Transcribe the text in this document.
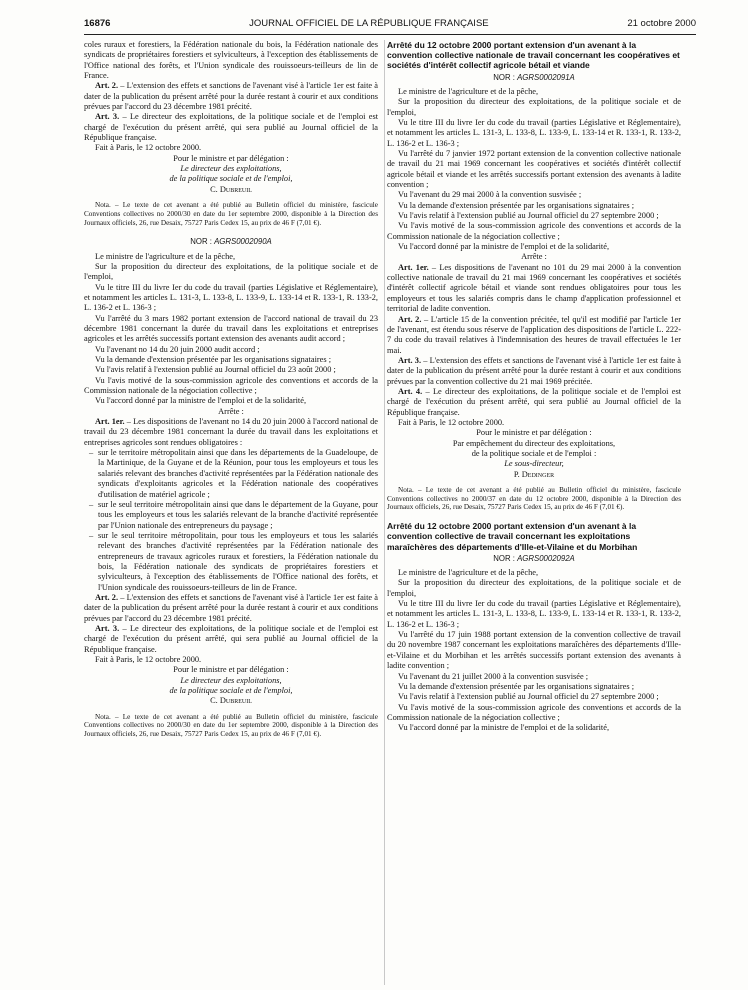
16876	JOURNAL OFFICIEL DE LA RÉPUBLIQUE FRANÇAISE	21 octobre 2000

coles ruraux et forestiers, la Fédération nationale du bois, la Fédération nationale des syndicats de propriétaires forestiers et sylviculteurs, à l'exception des établissements de l'Office national des forêts, et l'Union syndicale des rouissoeurs-teilleurs de lin de France.

Art. 2. – L'extension des effets et sanctions de l'avenant visé à l'article 1er est faite à dater de la publication du présent arrêté pour la durée restant à courir et aux conditions prévues par l'accord du 23 décembre 1981 précité.

Art. 3. – Le directeur des exploitations, de la politique sociale et de l'emploi est chargé de l'exécution du présent arrêté, qui sera publié au Journal officiel de la République française.

Fait à Paris, le 12 octobre 2000.

Pour le ministre et par délégation :
Le directeur des exploitations,
de la politique sociale et de l'emploi,
C. Dubreuil

Nota. – Le texte de cet avenant a été publié au Bulletin officiel du ministère, fascicule Conventions collectives no 2000/30 en date du 1er septembre 2000, disponible à la Direction des Journaux officiels, 26, rue Desaix, 75727 Paris Cedex 15, au prix de 46 F (7,01 €).

NOR : AGRS0002090A

Le ministre de l'agriculture et de la pêche,

Sur la proposition du directeur des exploitations, de la politique sociale et de l'emploi,

Vu le titre III du livre Ier du code du travail (parties Législative et Réglementaire), et notamment les articles L. 131-3, L. 133-8, L. 133-9, L. 133-14 et R. 133-1, R. 133-2, L. 136-2 et L. 136-3 ;

Vu l'arrêté du 3 mars 1982 portant extension de l'accord national de travail du 23 décembre 1981 concernant la durée du travail dans les exploitations et entreprises agricoles et les arrêtés successifs portant extension des avenants audit accord ;

Vu l'avenant no 14 du 20 juin 2000 audit accord ;

Vu la demande d'extension présentée par les organisations signataires ;

Vu l'avis relatif à l'extension publié au Journal officiel du 23 août 2000 ;

Vu l'avis motivé de la sous-commission agricole des conventions et accords de la Commission nationale de la négociation collective ;

Vu l'accord donné par la ministre de l'emploi et de la solidarité,

Arrête :

Art. 1er. – Les dispositions de l'avenant no 14 du 20 juin 2000 à l'accord national de travail du 23 décembre 1981 concernant la durée du travail dans les exploitations et entreprises agricoles sont rendues obligatoires :

– sur le territoire métropolitain ainsi que dans les départements de la Guadeloupe, de la Martinique, de la Guyane et de la Réunion, pour tous les employeurs et tous les salariés relevant des branches d'activité représentées par la Fédération nationale des syndicats d'exploitants agricoles et la Fédération nationale des coopératives d'utilisation de matériel agricole ;
– sur le seul territoire métropolitain ainsi que dans le département de la Guyane, pour tous les employeurs et tous les salariés relevant de la branche d'activité représentée par l'Union nationale des entrepreneurs du paysage ;
– sur le seul territoire métropolitain, pour tous les employeurs et tous les salariés relevant des branches d'activité représentées par la Fédération nationale des entrepreneurs de travaux agricoles ruraux et forestiers, la Fédération nationale du bois, la Fédération nationale des syndicats de propriétaires forestiers et sylviculteurs, à l'exception des établissements de l'Office national des forêts, et l'Union syndicale des rouissoeurs-teilleurs de lin de France.

Art. 2. – L'extension des effets et sanctions de l'avenant visé à l'article 1er est faite à dater de la publication du présent arrêté pour la durée restant à courir et aux conditions prévues par l'accord du 23 décembre 1981 précité.

Art. 3. – Le directeur des exploitations, de la politique sociale et de l'emploi est chargé de l'exécution du présent arrêté, qui sera publié au Journal officiel de la République française.

Fait à Paris, le 12 octobre 2000.

Pour le ministre et par délégation :
Le directeur des exploitations,
de la politique sociale et de l'emploi,
C. Dubreuil

Nota. – Le texte de cet avenant a été publié au Bulletin officiel du ministère, fascicule Conventions collectives no 2000/30 en date du 1er septembre 2000, disponible à la Direction des Journaux officiels, 26, rue Desaix, 75727 Paris Cedex 15, au prix de 46 F (7,01 €).

Arrêté du 12 octobre 2000 portant extension d'un avenant à la convention collective nationale de travail concernant les coopératives et sociétés d'intérêt collectif agricole bétail et viande
NOR : AGRS0002091A

Le ministre de l'agriculture et de la pêche,

Sur la proposition du directeur des exploitations, de la politique sociale et de l'emploi,

Vu le titre III du livre Ier du code du travail (parties Législative et Réglementaire), et notamment les articles L. 131-3, L. 133-8, L. 133-9, L. 133-14 et R. 133-1, R. 133-2, L. 136-2 et L. 136-3 ;

Vu l'arrêté du 7 janvier 1972 portant extension de la convention collective nationale de travail du 21 mai 1969 concernant les coopératives et sociétés d'intérêt collectif agricole bétail et viande et les arrêtés successifs portant extension des avenants à ladite convention ;

Vu l'avenant du 29 mai 2000 à la convention susvisée ;

Vu la demande d'extension présentée par les organisations signataires ;

Vu l'avis relatif à l'extension publié au Journal officiel du 27 septembre 2000 ;

Vu l'avis motivé de la sous-commission agricole des conventions et accords de la Commission nationale de la négociation collective ;

Vu l'accord donné par la ministre de l'emploi et de la solidarité,

Arrête :

Art. 1er. – Les dispositions de l'avenant no 101 du 29 mai 2000 à la convention collective nationale de travail du 21 mai 1969 concernant les coopératives et sociétés d'intérêt collectif agricole bétail et viande sont rendues obligatoires pour tous les employeurs et tous les salariés compris dans le champ d'application professionnel et territorial de ladite convention.

Art. 2. – L'article 15 de la convention précitée, tel qu'il est modifié par l'article 1er de l'avenant, est étendu sous réserve de l'application des dispositions de l'article L. 222-7 du code du travail relatives à l'indemnisation des heures de travail effectuées le 1er mai.

Art. 3. – L'extension des effets et sanctions de l'avenant visé à l'article 1er est faite à dater de la publication du présent arrêté pour la durée restant à courir et aux conditions prévues par la convention collective du 21 mai 1969 précitée.

Art. 4. – Le directeur des exploitations, de la politique sociale et de l'emploi est chargé de l'exécution du présent arrêté, qui sera publié au Journal officiel de la République française.

Fait à Paris, le 12 octobre 2000.

Pour le ministre et par délégation :
Par empêchement du directeur des exploitations,
de la politique sociale et de l'emploi :
Le sous-directeur,
P. Dedinger

Nota. – Le texte de cet avenant a été publié au Bulletin officiel du ministère, fascicule Conventions collectives no 2000/37 en date du 12 octobre 2000, disponible à la Direction des Journaux officiels, 26, rue Desaix, 75727 Paris Cedex 15, au prix de 46 F (7,01 €).

Arrêté du 12 octobre 2000 portant extension d'un avenant à la convention collective de travail concernant les exploitations maraîchères des départements d'Ille-et-Vilaine et du Morbihan
NOR : AGRS0002092A

Le ministre de l'agriculture et de la pêche,

Sur la proposition du directeur des exploitations, de la politique sociale et de l'emploi,

Vu le titre III du livre Ier du code du travail (parties Législative et Réglementaire), et notamment les articles L. 131-3, L. 133-8, L. 133-9, L. 133-14 et R. 133-1, R. 133-2, L. 136-2 et L. 136-3 ;

Vu l'arrêté du 17 juin 1988 portant extension de la convention collective de travail du 20 novembre 1987 concernant les exploitations maraîchères des départements d'Ille-et-Vilaine et du Morbihan et les arrêtés successifs portant extension des avenants à ladite convention ;

Vu l'avenant du 21 juillet 2000 à la convention susvisée ;

Vu la demande d'extension présentée par les organisations signataires ;

Vu l'avis relatif à l'extension publié au Journal officiel du 27 septembre 2000 ;

Vu l'avis motivé de la sous-commission agricole des conventions et accords de la Commission nationale de la négociation collective ;

Vu l'accord donné par la ministre de l'emploi et de la solidarité,
